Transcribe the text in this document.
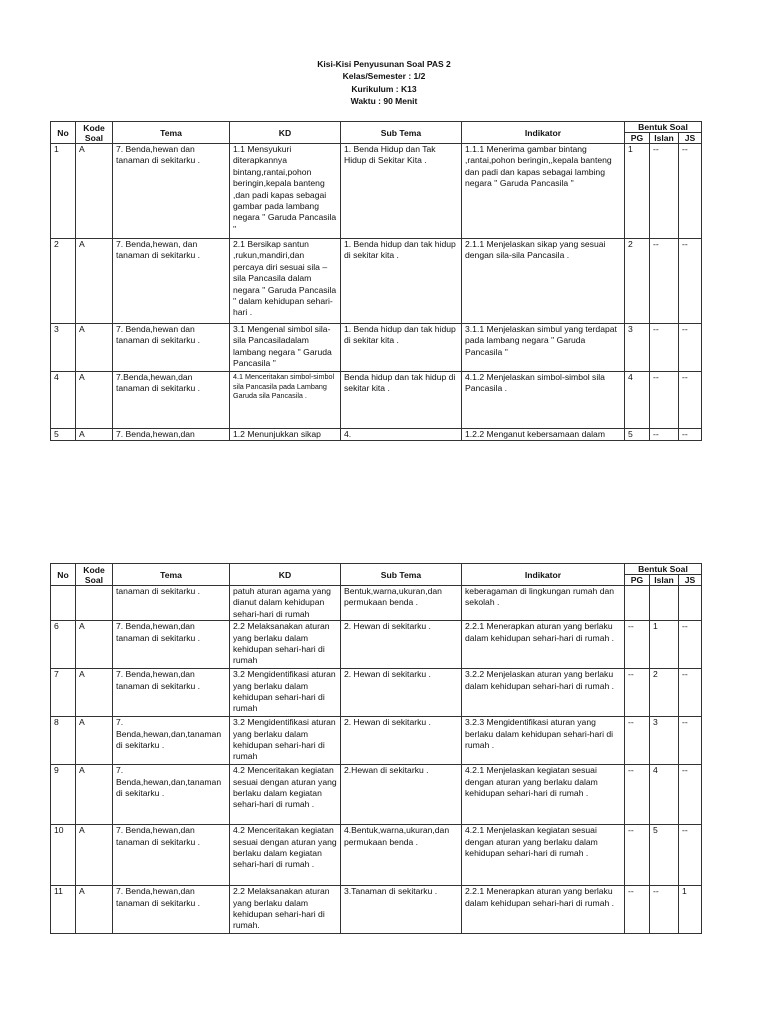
Kisi-Kisi Penyusunan Soal PAS 2
Kelas/Semester : 1/2
Kurikulum : K13
Waktu : 90 Menit
No	Kode Soal	Tema	KD	Sub Tema	Indikator	Bentuk Soal		
						PG	Islan	JS
1	A	7. Benda,hewan dan tanaman di sekitarku .	1.1 Mensyukuri diterapkannya bintang,rantai,pohon beringin,kepala banteng ,dan padi kapas sebagai gambar pada lambang negara '' Garuda Pancasila ''	1. Benda Hidup dan Tak Hidup di Sekitar Kita .	1.1.1 Menerima gambar bintang ,rantai,pohon beringin,,kepala banteng dan padi dan kapas sebagai lambing negara '' Garuda Pancasila ''	1	--	--
2	A	7. Benda,hewan, dan tanaman di sekitarku .	2.1 Bersikap santun ,rukun,mandiri,dan percaya diri sesuai sila –sila Pancasila dalam negara '' Garuda Pancasila '' dalam kehidupan sehari-hari .	1. Benda hidup dan tak hidup di sekitar kita .	2.1.1 Menjelaskan sikap yang sesuai dengan sila-sila Pancasila .	2	--	--
3	A	7. Benda,hewan dan tanaman di sekitarku .	3.1 Mengenal simbol sila-sila Pancasiladalam lambang negara '' Garuda Pancasila ''	1. Benda hidup dan tak hidup di sekitar kita .	3.1.1 Menjelaskan simbul yang terdapat pada lambang negara '' Garuda Pancasila ''	3	--	--
4	A	7.Benda,hewan,dan tanaman di sekitarku .	4.1 Menceritakan simbol-simbol sila Pancasila pada Lambang Garuda sila Pancasila .	Benda hidup dan tak hidup di sekitar kita .	4.1.2 Menjelaskan simbol-simbol sila Pancasila .	4	--	--
5	A	7. Benda,hewan,dan	1.2 Menunjukkan sikap	4.	1.2.2 Menganut kebersamaan dalam	5	--	--
No	Kode Soal	Tema	KD	Sub Tema	Indikator	Bentuk Soal		
						PG	Islan	JS
		tanaman di sekitarku .	patuh aturan agama yang dianut dalam kehidupan sehari-hari di rumah	Bentuk,warna,ukuran,dan permukaan benda .	keberagaman di lingkungan rumah dan sekolah .			
6	A	7. Benda,hewan,dan tanaman di sekitarku .	2.2 Melaksanakan aturan yang berlaku dalam kehidupan sehari-hari di rumah	2. Hewan di sekitarku .	2.2.1 Menerapkan aturan yang berlaku dalam kehidupan sehari-hari di rumah .	--	1	--
7	A	7. Benda,hewan,dan tanaman di sekitarku .	3.2 Mengidentifikasi aturan yang berlaku dalam kehidupan sehari-hari di rumah	2. Hewan di sekitarku .	3.2.2 Menjelaskan aturan yang berlaku dalam kehidupan sehari-hari di rumah .	--	2	--
8	A	7. Benda,hewan,dan,tanaman di sekitarku .	3.2 Mengidentifikasi aturan yang berlaku dalam kehidupan sehari-hari di rumah	2. Hewan di sekitarku .	3.2.3 Mengidentifikasi aturan yang berlaku dalam kehidupan sehari-hari di rumah .	--	3	--
9	A	7. Benda,hewan,dan,tanaman di sekitarku .	4.2 Menceritakan kegiatan sesuai dengan aturan yang berlaku dalam kegiatan sehari-hari di rumah .	2.Hewan di sekitarku .	4.2.1 Menjelaskan kegiatan sesuai dengan aturan yang berlaku dalam kehidupan sehari-hari di rumah .	--	4	--
10	A	7. Benda,hewan,dan tanaman di sekitarku .	4.2 Menceritakan kegiatan sesuai dengan aturan yang berlaku dalam kegiatan sehari-hari di rumah .	4.Bentuk,warna,ukuran,dan permukaan benda .	4.2.1 Menjelaskan kegiatan sesuai dengan aturan yang berlaku dalam kehidupan sehari-hari di rumah .	--	5	--
11	A	7. Benda,hewan,dan tanaman di sekitarku .	2.2 Melaksanakan aturan yang berlaku dalam kehidupan sehari-hari di rumah.	3.Tanaman di sekitarku .	2.2.1 Menerapkan aturan yang berlaku dalam kehidupan sehari-hari di rumah .	--	--	1
